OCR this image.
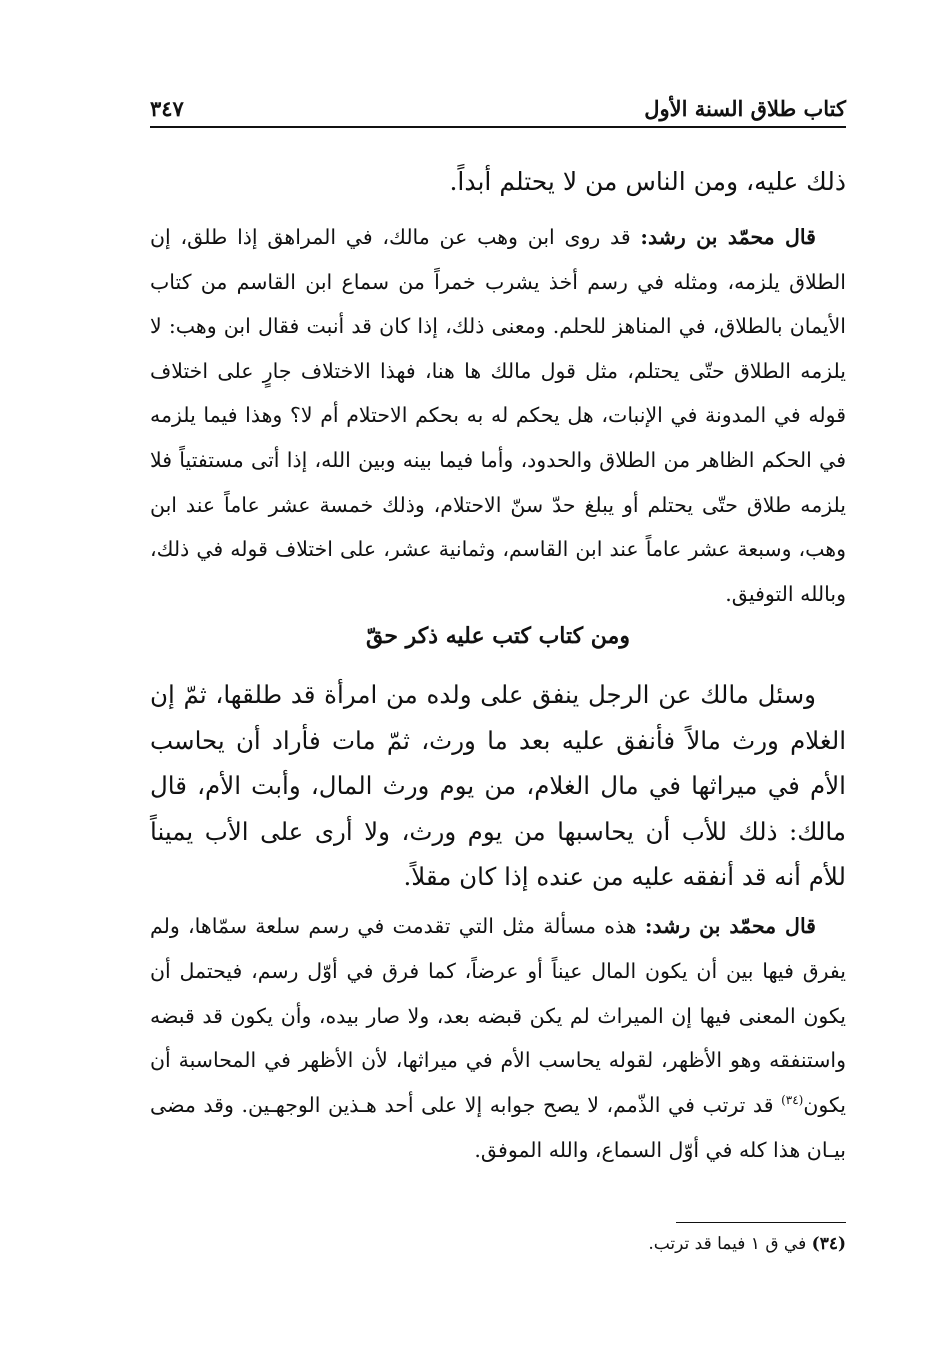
كتاب طلاق السنة الأول
٣٤٧
ذلك عليه، ومن الناس من لا يحتلم أبداً.
قال محمّد بن رشد: قد روى ابن وهب عن مالك، في المراهق إذا طلق، إن الطلاق يلزمه، ومثله في رسم أخذ يشرب خمراً من سماع ابن القاسم من كتاب الأيمان بالطلاق، في المناهز للحلم. ومعنى ذلك، إذا كان قد أنبت فقال ابن وهب: لا يلزمه الطلاق حتّى يحتلم، مثل قول مالك ها هنا، فهذا الاختلاف جارٍ على اختلاف قوله في المدونة في الإنبات، هل يحكم له به بحكم الاحتلام أم لا؟ وهذا فيما يلزمه في الحكم الظاهر من الطلاق والحدود، وأما فيما بينه وبين الله، إذا أتى مستفتياً فلا يلزمه طلاق حتّى يحتلم أو يبلغ حدّ سنّ الاحتلام، وذلك خمسة عشر عاماً عند ابن وهب، وسبعة عشر عاماً عند ابن القاسم، وثمانية عشر، على اختلاف قوله في ذلك، وبالله التوفيق.
ومن كتاب كتب عليه ذكر حقّ
وسئل مالك عن الرجل ينفق على ولده من امرأة قد طلقها، ثمّ إن الغلام ورث مالاً فأنفق عليه بعد ما ورث، ثمّ مات فأراد أن يحاسب الأم في ميراثها في مال الغلام، من يوم ورث المال، وأبت الأم، قال مالك: ذلك للأب أن يحاسبها من يوم ورث، ولا أرى على الأب يميناً للأم أنه قد أنفقه عليه من عنده إذا كان مقلاً.
قال محمّد بن رشد: هذه مسألة مثل التي تقدمت في رسم سلعة سمّاها، ولم يفرق فيها بين أن يكون المال عيناً أو عرضاً، كما فرق في أوّل رسم، فيحتمل أن يكون المعنى فيها إن الميراث لم يكن قبضه بعد، ولا صار بيده، وأن يكون قد قبضه واستنفقه وهو الأظهر، لقوله يحاسب الأم في ميراثها، لأن الأظهر في المحاسبة أن يكون$^{(٣٤)}$ قد ترتب في الذّمم، لا يصح جوابه إلا على أحد هـذين الوجهـين. وقد مضى بيـان هذا كله في أوّل السماع، والله الموفق.
(٣٤) في ق ١ فيما قد ترتب.
